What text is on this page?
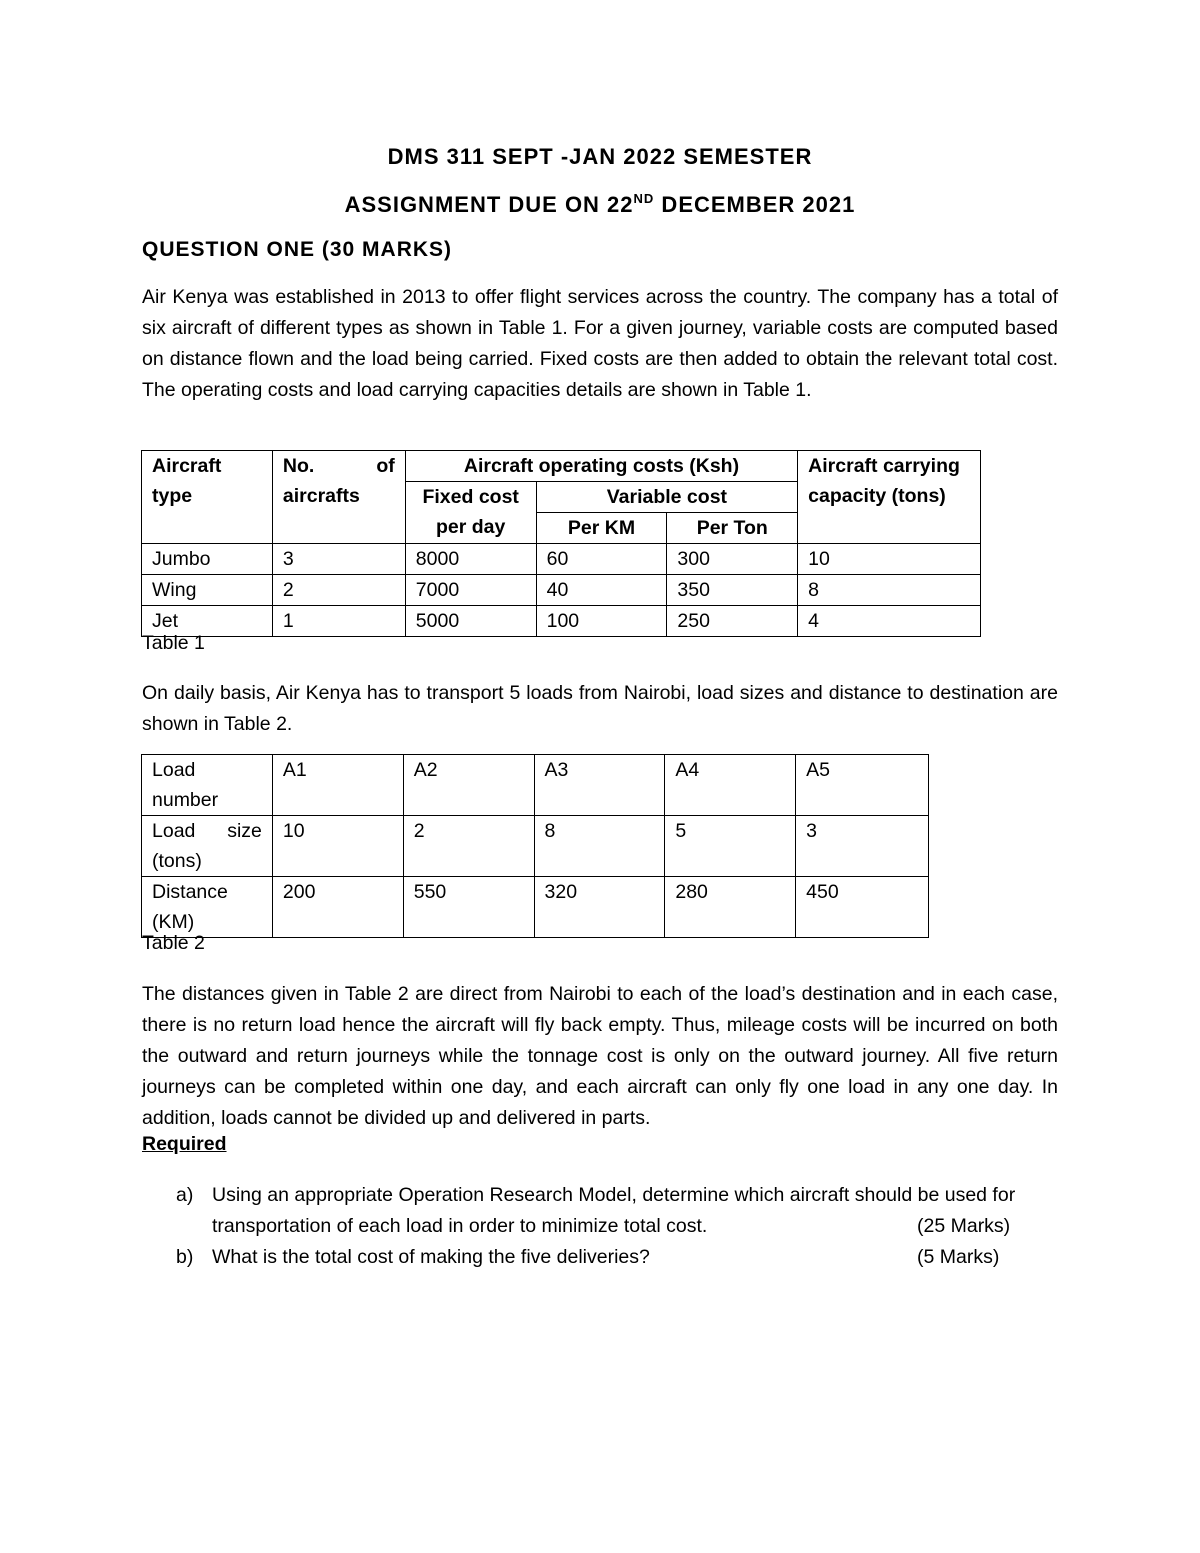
DMS 311 SEPT -JAN 2022 SEMESTER
ASSIGNMENT DUE ON 22ND DECEMBER 2021
QUESTION ONE (30 MARKS)
Air Kenya was established in 2013 to offer flight services across the country. The company has a total of six aircraft of different types as shown in Table 1. For a given journey, variable costs are computed based on distance flown and the load being carried. Fixed costs are then added to obtain the relevant total cost. The operating costs and load carrying capacities details are shown in Table 1.
Aircraft type	No. of aircrafts	Aircraft operating costs (Ksh)			Aircraft carrying capacity (tons)
		Fixed cost per day	Variable cost		
			Per KM	Per Ton	
Jumbo	3	8000	60	300	10
Wing	2	7000	40	350	8
Jet	1	5000	100	250	4
Table 1
On daily basis, Air Kenya has to transport 5 loads from Nairobi, load sizes and distance to destination are shown in Table 2.
Load number	A1	A2	A3	A4	A5
Load size (tons)	10	2	8	5	3
Distance (KM)	200	550	320	280	450
Table 2
The distances given in Table 2 are direct from Nairobi to each of the load’s destination and in each case, there is no return load hence the aircraft will fly back empty. Thus, mileage costs will be incurred on both the outward and return journeys while the tonnage cost is only on the outward journey. All five return journeys can be completed within one day, and each aircraft can only fly one load in any one day. In addition, loads cannot be divided up and delivered in parts.
Required
a) Using an appropriate Operation Research Model, determine which aircraft should be used for transportation of each load in order to minimize total cost.	(25 Marks)
b) What is the total cost of making the five deliveries?	(5 Marks)
